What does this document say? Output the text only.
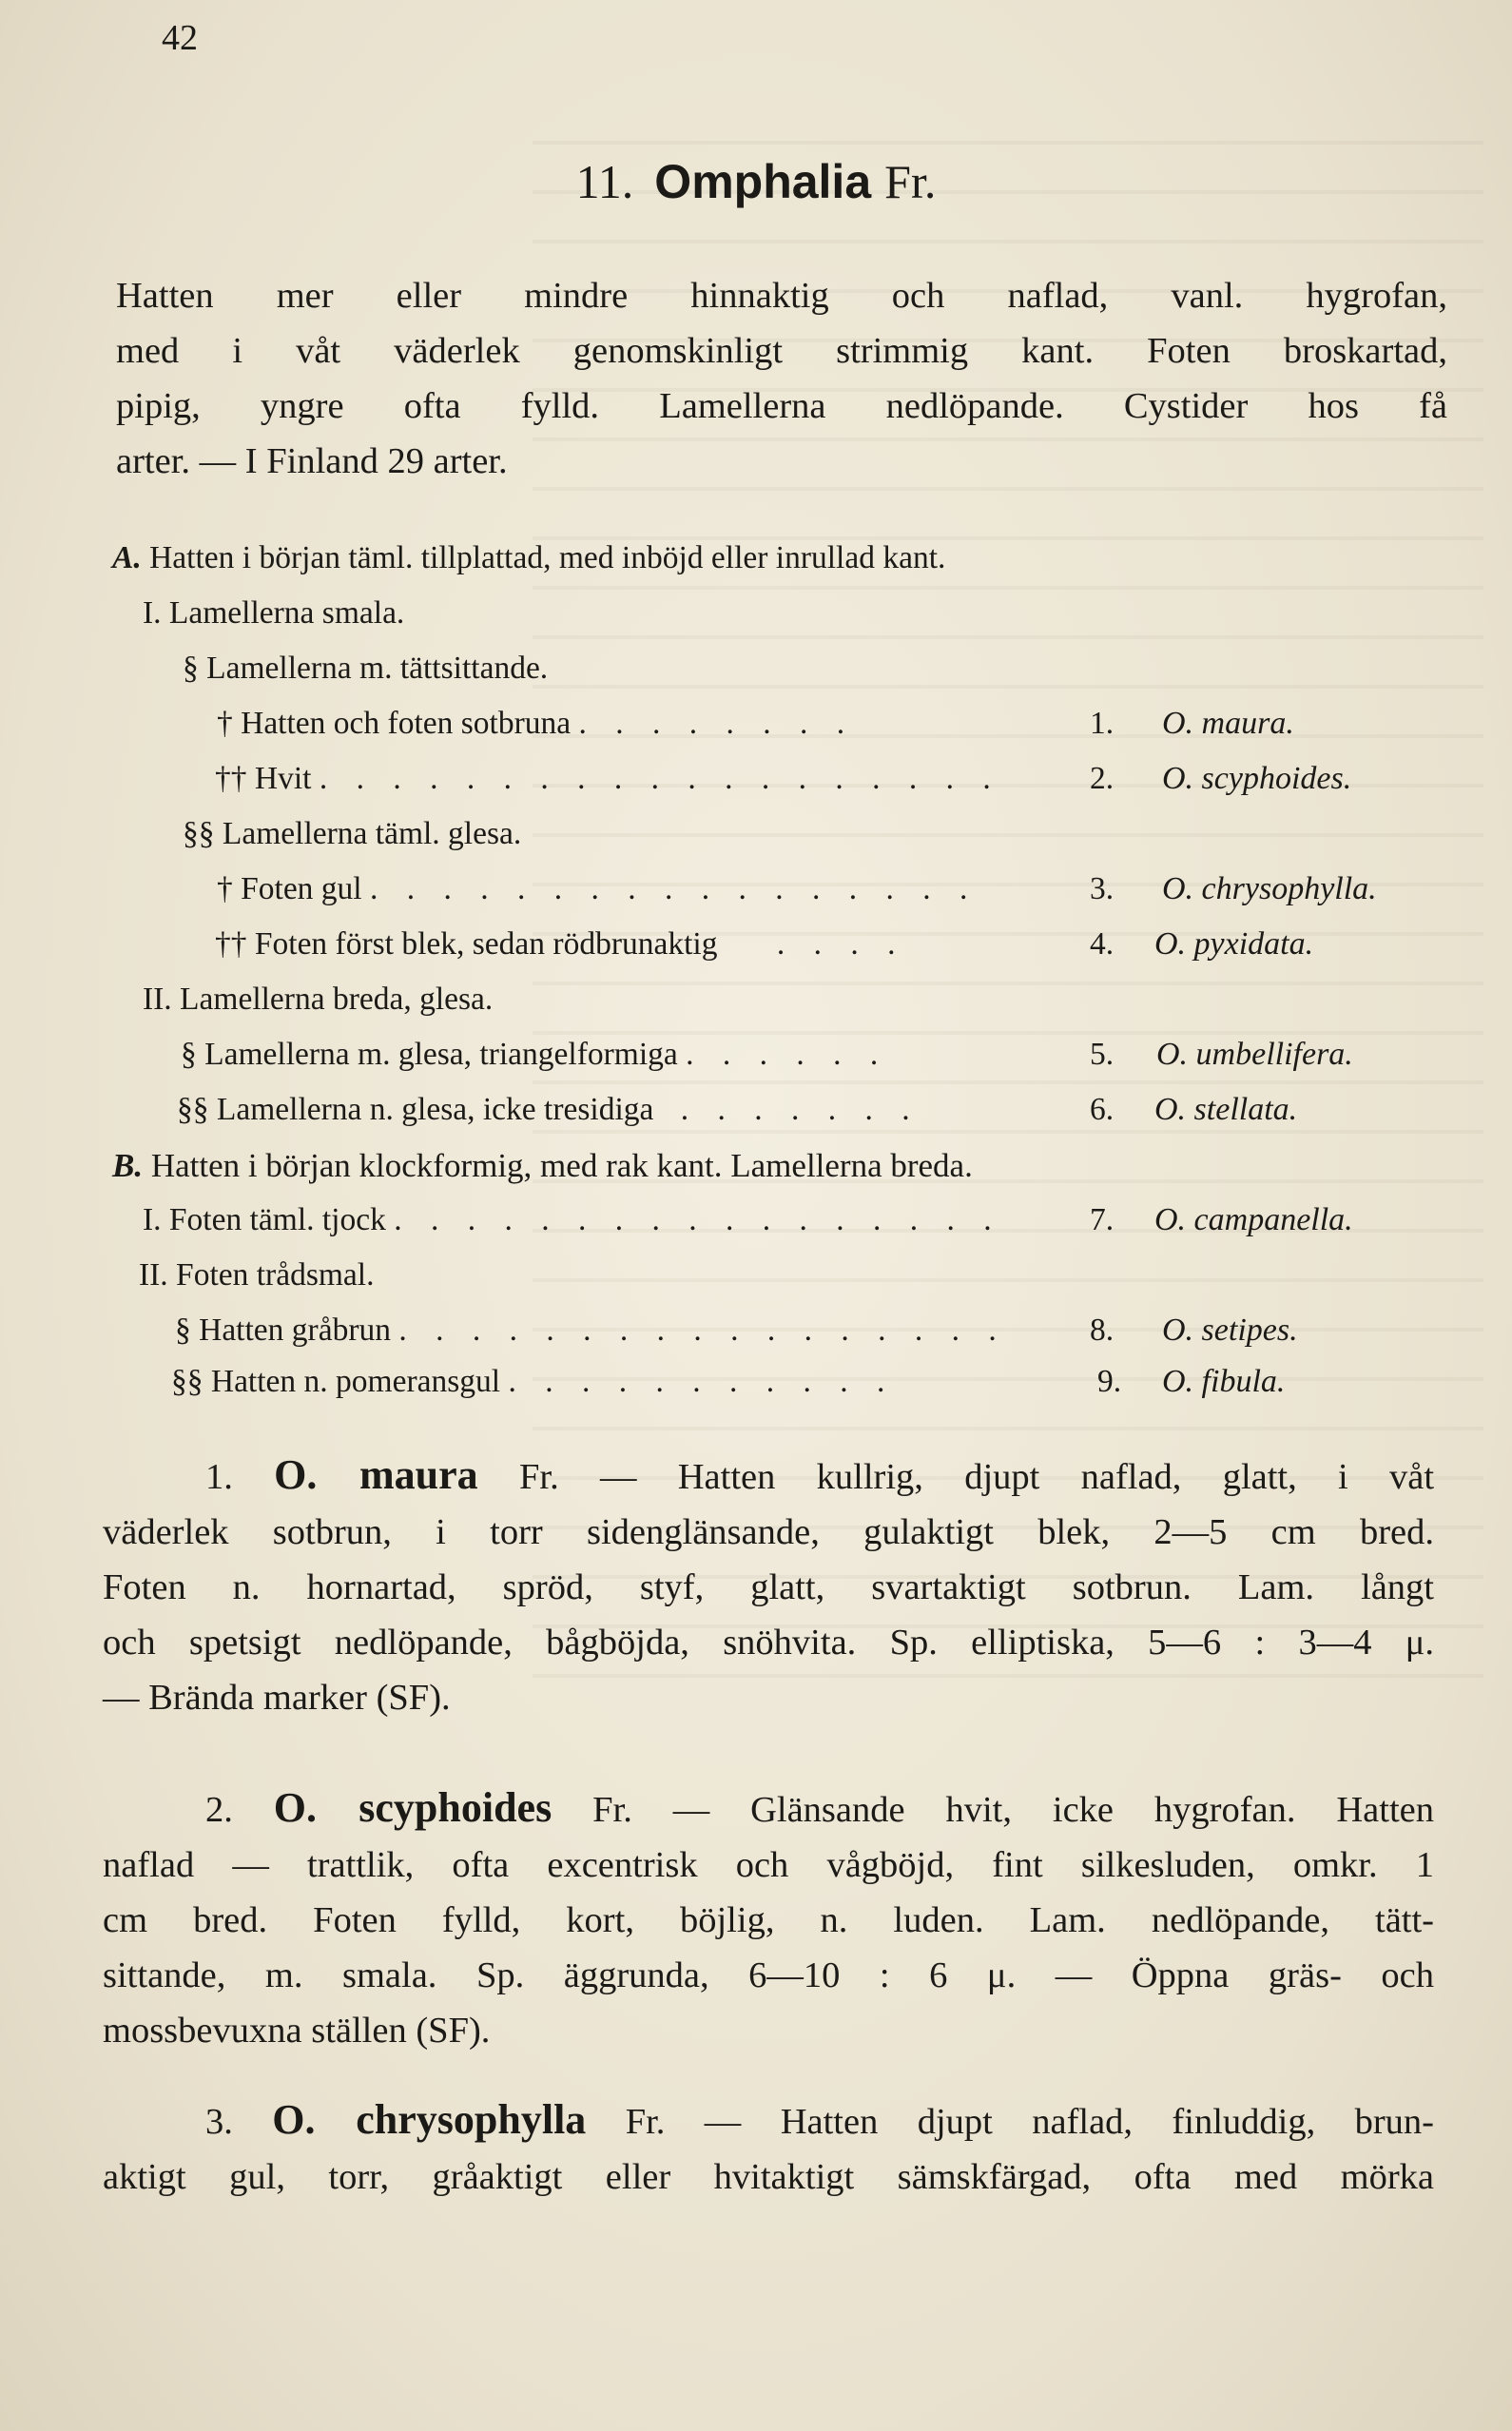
42
11. Omphalia Fr.
Hatten mer eller mindre hinnaktig och naflad, vanl. hygrofan,
med i våt väderlek genomskinligt strimmig kant. Foten broskartad,
pipig, yngre ofta fylld. Lamellerna nedlöpande. Cystider hos få
arter. — I Finland 29 arter.
A. Hatten i början täml. tillplattad, med inböjd eller inrullad kant.
I. Lamellerna smala.
§ Lamellerna m. tättsittande.
† Hatten och foten sotbruna . . . . . . . .	1. O. maura.
†† Hvit . . . . . . . . . . . . . . . . . . .	2. O. scyphoides.
§§ Lamellerna täml. glesa.
† Foten gul . . . . . . . . . . . . . . . . .	3. O. chrysophylla.
†† Foten först blek, sedan rödbrunaktig . . . .	4. O. pyxidata.
II. Lamellerna breda, glesa.
§ Lamellerna m. glesa, triangelformiga . . . . . .	5. O. umbellifera.
§§ Lamellerna n. glesa, icke tresidiga . . . . . . .	6. O. stellata.
B. Hatten i början klockformig, med rak kant. Lamellerna breda.
I. Foten täml. tjock . . . . . . . . . . . . . . . . .	7. O. campanella.
II. Foten trådsmal.
§ Hatten gråbrun . . . . . . . . . . . . . . . . .	8. O. setipes.
§§ Hatten n. pomeransgul . . . . . . . . . . .	9. O. fibula.
1. O. maura Fr. — Hatten kullrig, djupt naflad, glatt, i våt
väderlek sotbrun, i torr sidenglänsande, gulaktigt blek, 2—5 cm bred.
Foten n. hornartad, spröd, styf, glatt, svartaktigt sotbrun. Lam. långt
och spetsigt nedlöpande, bågböjda, snöhvita. Sp. elliptiska, 5—6 : 3—4 μ.
— Brända marker (SF).
2. O. scyphoides Fr. — Glänsande hvit, icke hygrofan. Hatten
naflad — trattlik, ofta excentrisk och vågböjd, fint silkesluden, omkr. 1
cm bred. Foten fylld, kort, böjlig, n. luden. Lam. nedlöpande, tätt-
sittande, m. smala. Sp. äggrunda, 6—10 : 6 μ. — Öppna gräs- och
mossbevuxna ställen (SF).
3. O. chrysophylla Fr. — Hatten djupt naflad, finluddig, brun-
aktigt gul, torr, gråaktigt eller hvitaktigt sämskfärgad, ofta med mörka
